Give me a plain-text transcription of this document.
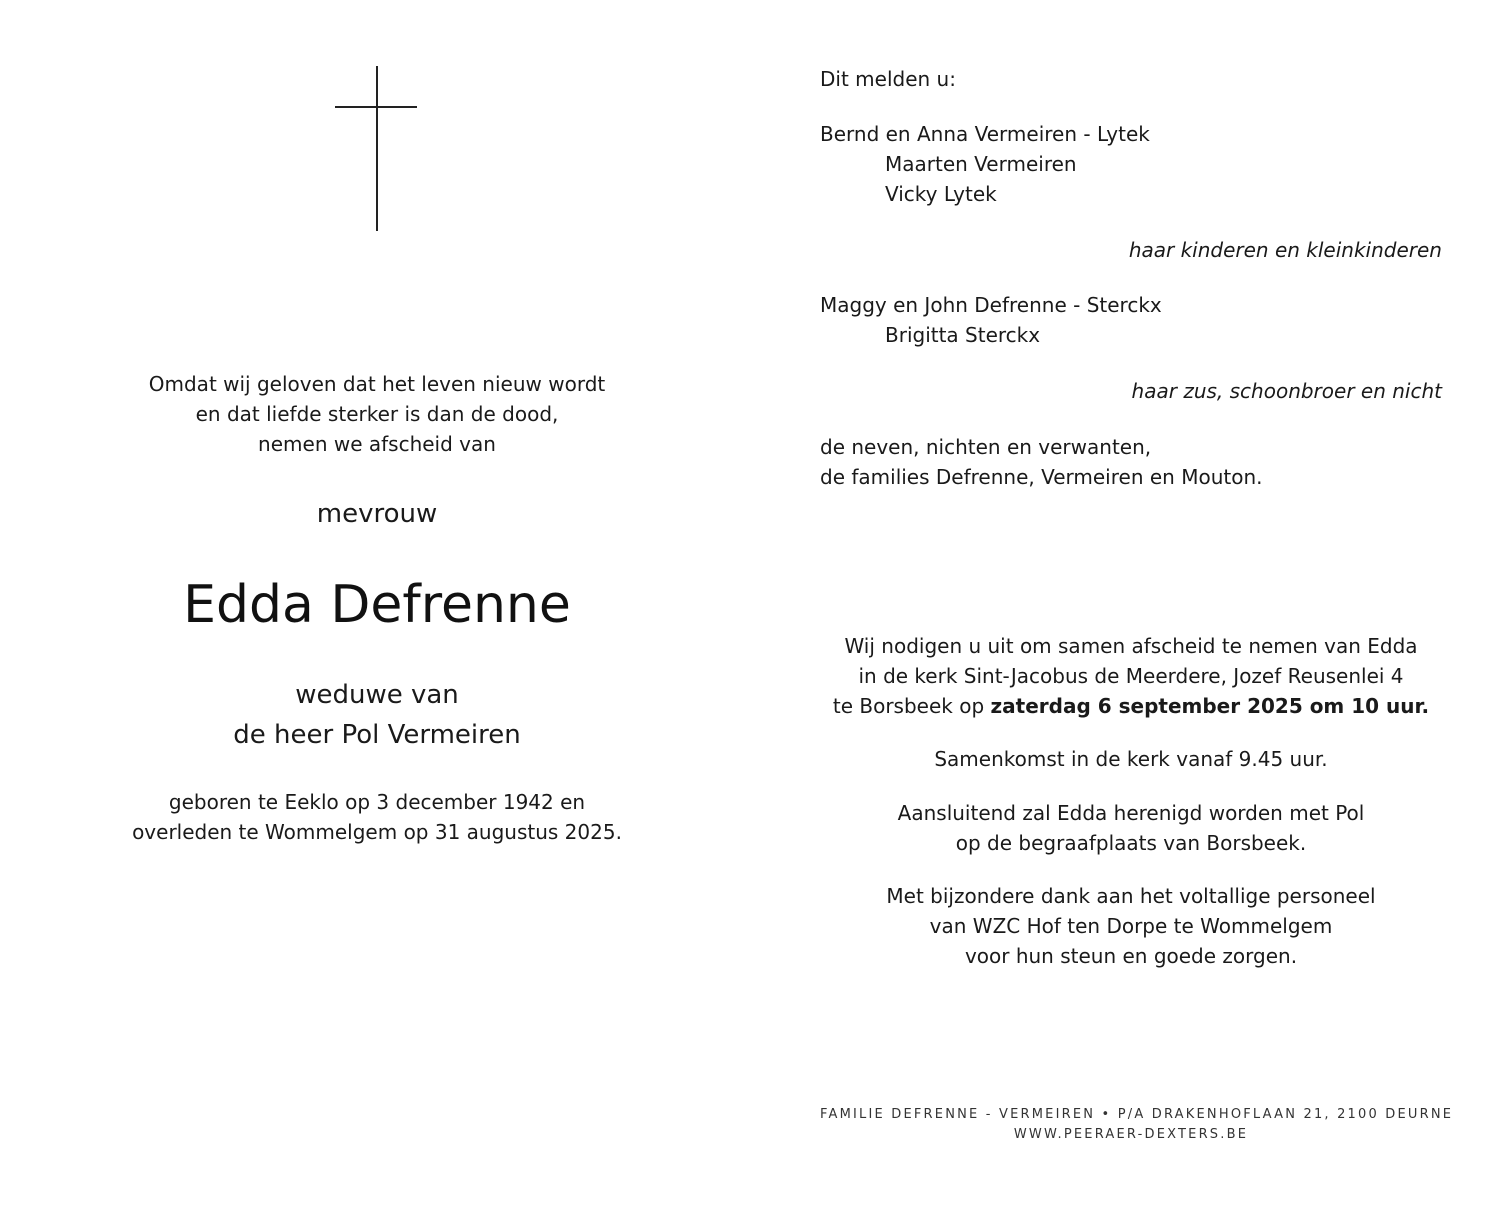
Omdat wij geloven dat het leven nieuw wordt
en dat liefde sterker is dan de dood,
nemen we afscheid van
mevrouw
Edda Defrenne
weduwe van
de heer Pol Vermeiren
geboren te Eeklo op 3 december 1942 en
overleden te Wommelgem op 31 augustus 2025.
Dit melden u:
Bernd en Anna Vermeiren - Lytek
Maarten Vermeiren
Vicky Lytek
haar kinderen en kleinkinderen
Maggy en John Defrenne - Sterckx
Brigitta Sterckx
haar zus, schoonbroer en nicht
de neven, nichten en verwanten,
de families Defrenne, Vermeiren en Mouton.
Wij nodigen u uit om samen afscheid te nemen van Edda
in de kerk Sint-Jacobus de Meerdere, Jozef Reusenlei 4
te Borsbeek op zaterdag 6 september 2025 om 10 uur.
Samenkomst in de kerk vanaf 9.45 uur.
Aansluitend zal Edda herenigd worden met Pol
op de begraafplaats van Borsbeek.
Met bijzondere dank aan het voltallige personeel
van WZC Hof ten Dorpe te Wommelgem
voor hun steun en goede zorgen.
FAMILIE DEFRENNE - VERMEIREN • P/A DRAKENHOFLAAN 21, 2100 DEURNE
WWW.PEERAER-DEXTERS.BE
